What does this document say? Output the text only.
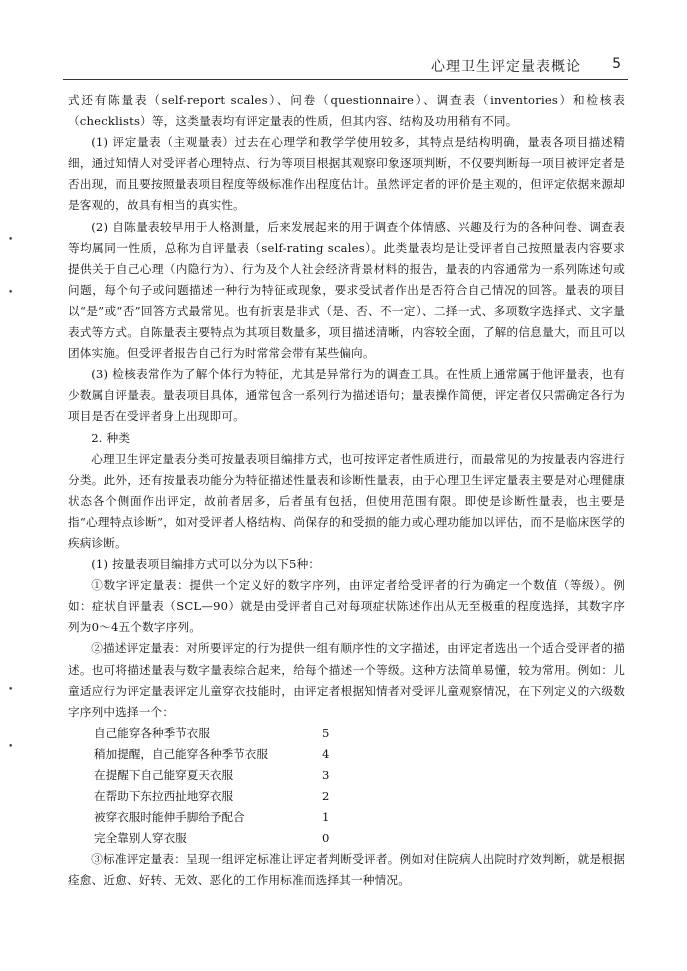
心理卫生评定量表概论 5
•
•
•
•

式还有陈量表（self-report scales）、问卷（questionnaire）、调查表（inventories）和检核表（checklists）等，这类量表均有评定量表的性质，但其内容、结构及功用稍有不同。

(1) 评定量表（主观量表）过去在心理学和教学学使用较多，其特点是结构明确，量表各项目描述精细，通过知情人对受评者心理特点、行为等项目根据其观察印象逐项判断，不仅要判断每一项目被评定者是否出现，而且要按照量表项目程度等级标准作出程度估计。虽然评定者的评价是主观的，但评定依据来源却是客观的，故具有相当的真实性。

(2) 自陈量表较早用于人格测量，后来发展起来的用于调查个体情感、兴趣及行为的各种问卷、调查表等均属同一性质，总称为自评量表（self-rating scales）。此类量表均是让受评者自己按照量表内容要求提供关于自己心理（内隐行为）、行为及个人社会经济背景材料的报告，量表的内容通常为一系列陈述句或问题，每个句子或问题描述一种行为特征或现象，要求受试者作出是否符合自己情况的回答。量表的项目以“是”或“否”回答方式最常见。也有折衷是非式（是、否、不一定）、二择一式、多项数字选择式、文字量表式等方式。自陈量表主要特点为其项目数量多，项目描述清晰，内容较全面，了解的信息量大，而且可以团体实施。但受评者报告自己行为时常常会带有某些偏向。

(3) 检核表常作为了解个体行为特征，尤其是异常行为的调查工具。在性质上通常属于他评量表，也有少数属自评量表。量表项目具体，通常包含一系列行为描述语句；量表操作简便，评定者仅只需确定各行为项目是否在受评者身上出现即可。

2. 种类

心理卫生评定量表分类可按量表项目编排方式，也可按评定者性质进行，而最常见的为按量表内容进行分类。此外，还有按量表功能分为特征描述性量表和诊断性量表，由于心理卫生评定量表主要是对心理健康状态各个侧面作出评定，故前者居多，后者虽有包括，但使用范围有限。即使是诊断性量表，也主要是指“心理特点诊断”，如对受评者人格结构、尚保存的和受损的能力或心理功能加以评估，而不是临床医学的疾病诊断。

(1) 按量表项目编排方式可以分为以下5种：

①数字评定量表：提供一个定义好的数字序列，由评定者给受评者的行为确定一个数值（等级）。例如：症状自评量表（SCL—90）就是由受评者自己对每项症状陈述作出从无至极重的程度选择，其数字序列为0～4五个数字序列。

②描述评定量表：对所要评定的行为提供一组有顺序性的文字描述，由评定者选出一个适合受评者的描述。也可将描述量表与数字量表综合起来，给每个描述一个等级。这种方法简单易懂，较为常用。例如：儿童适应行为评定量表评定儿童穿衣技能时，由评定者根据知情者对受评儿童观察情况，在下列定义的六级数字序列中选择一个：

自己能穿各种季节衣服	5
稍加提醒，自己能穿各种季节衣服	4
在提醒下自己能穿夏天衣服	3
在帮助下东拉西扯地穿衣服	2
被穿衣服时能伸手脚给予配合	1
完全靠别人穿衣服	0

③标准评定量表：呈现一组评定标准让评定者判断受评者。例如对住院病人出院时疗效判断，就是根据痊愈、近愈、好转、无效、恶化的工作用标准而选择其一种情况。
